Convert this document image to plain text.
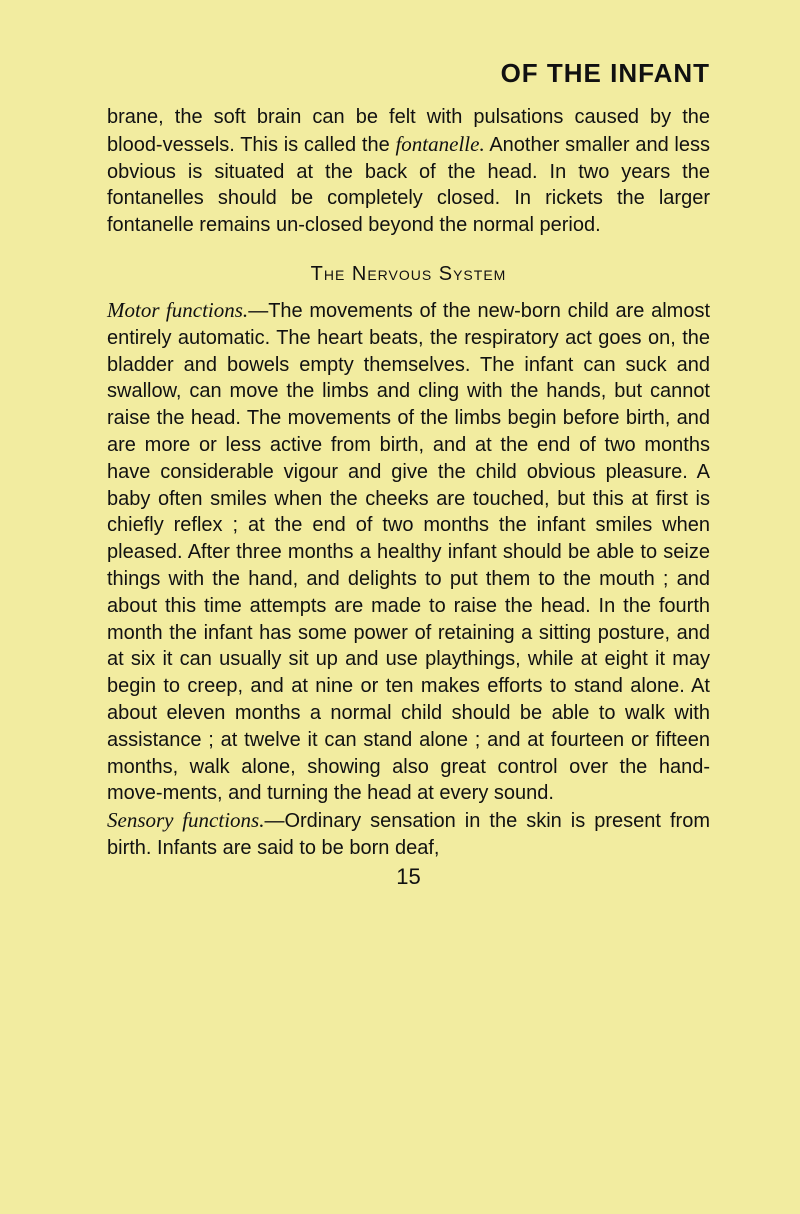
OF THE INFANT

brane, the soft brain can be felt with pulsations caused by the blood-vessels. This is called the fontanelle. Another smaller and less obvious is situated at the back of the head. In two years the fontanelles should be completely closed. In rickets the larger fontanelle remains un-closed beyond the normal period.

The Nervous System

Motor functions.—The movements of the new-born child are almost entirely automatic. The heart beats, the respiratory act goes on, the bladder and bowels empty themselves. The infant can suck and swallow, can move the limbs and cling with the hands, but cannot raise the head. The movements of the limbs begin before birth, and are more or less active from birth, and at the end of two months have considerable vigour and give the child obvious pleasure. A baby often smiles when the cheeks are touched, but this at first is chiefly reflex ; at the end of two months the infant smiles when pleased. After three months a healthy infant should be able to seize things with the hand, and delights to put them to the mouth ; and about this time attempts are made to raise the head. In the fourth month the infant has some power of retaining a sitting posture, and at six it can usually sit up and use playthings, while at eight it may begin to creep, and at nine or ten makes efforts to stand alone. At about eleven months a normal child should be able to walk with assistance ; at twelve it can stand alone ; and at fourteen or fifteen months, walk alone, showing also great control over the hand-move-ments, and turning the head at every sound.

Sensory functions.—Ordinary sensation in the skin is present from birth. Infants are said to be born deaf,

15
